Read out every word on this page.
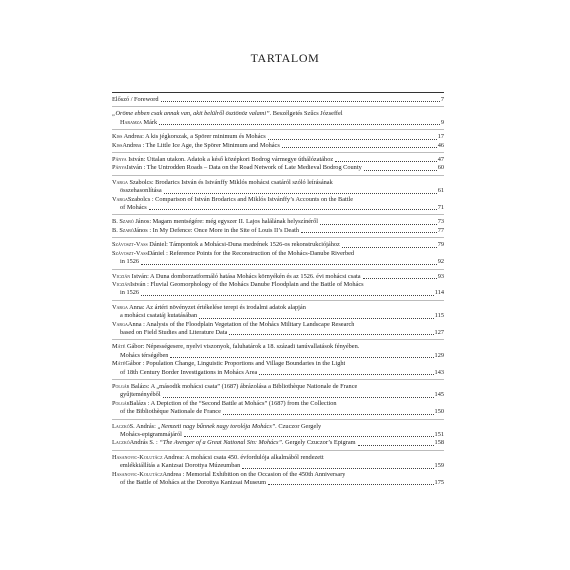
TARTALOM
Előszó / Foreword	7
„Öröme ebben csak annak van, akit belülről ösztönöz valami”. Beszélgetés Szűcs Józseffel
Haramza Márk	9
Kiss Andrea: A kis jégkorszak, a Spörer minimum és Mohács	17
KissAndrea : The Little Ice Age, the Spörer Minimum and Mohács	46
Pánya István: Úttalan utakon. Adatok a késő középkori Bodrog vármegye úthálózatához	47
PányaIstván : The Untrodden Roads – Data on the Road Network of Late Medieval Bodrog County	60
Varga Szabolcs: Brodarics István és Istvánffy Miklós mohácsi csatáról szóló leírásának
összehasonlítása	61
VargaSzabolcs : Comparison of István Brodarics and Miklós Istvánffy’s Accounts on the Battle
of Mohács	71
B. Szabó János: Magam mentségére: még egyszer II. Lajos halálának helyszínéről	73
B. SzabóJános : In My Defence: Once More in the Site of Louis II’s Death	77
Szávoszt-Vass Dániel: Támpontok a Mohácsi-Duna medrének 1526-os rekonstrukciójához	79
Szávoszt-VassDániel : Reference Points for the Reconstruction of the Mohács-Danube Riverbed
in 1526	92
Viczián István: A Duna domborzatformáló hatása Mohács környékén és az 1526. évi mohácsi csata	93
VicziánIstván : Fluvial Geomorphology of the Mohács Danube Floodplain and the Battle of Mohács
in 1526	114
Varga Anna: Az ártéri növényzet értékelése terepi és irodalmi adatok alapján
a mohácsi csatatáj kutatásában	115
VargaAnna : Analysis of the Floodplain Vegetation of the Mohács Military Landscape Research
based on Field Studies and Literature Data	127
Máté Gábor: Népességesere, nyelvi viszonyok, faluhatárok a 18. századi tanúvallatások fényében.
Mohács térségében	129
MátéGábor : Population Change, Linguistic Proportions and Village Boundaries in the Light
of 18th Century Border Investigations in Mohács Area	143
Polgár Balázs: A „második mohácsi csata” (1687) ábrázolása a Bibliothèque Nationale de France
gyűjteményéből	145
PolgárBalázs : A Depiction of the “Second Battle at Mohács” (1687) from the Collection
of the Bibliothèque Nationale de France	150
LaczkóS. András: „Nemzeti nagy bűnnek nagy torolója Mohács”. Czuczor Gergely
Mohács-epigrammájáról	151
LaczkóAndrás S. : “The Avenger of a Great National Sin: Mohács”. Gergely Czuczor’s Epigram	158
Hasanovic-Kolutácz Andrea: A mohácsi csata 450. évfordulója alkalmából rendezett
emlékkiállítás a Kanizsai Dorottya Múzeumban	159
Hasanovic-KolutáczAndrea : Memorial Exhibition on the Occasion of the 450th Anniversary
of the Battle of Mohács at the Dorottya Kanizsai Museum	175
